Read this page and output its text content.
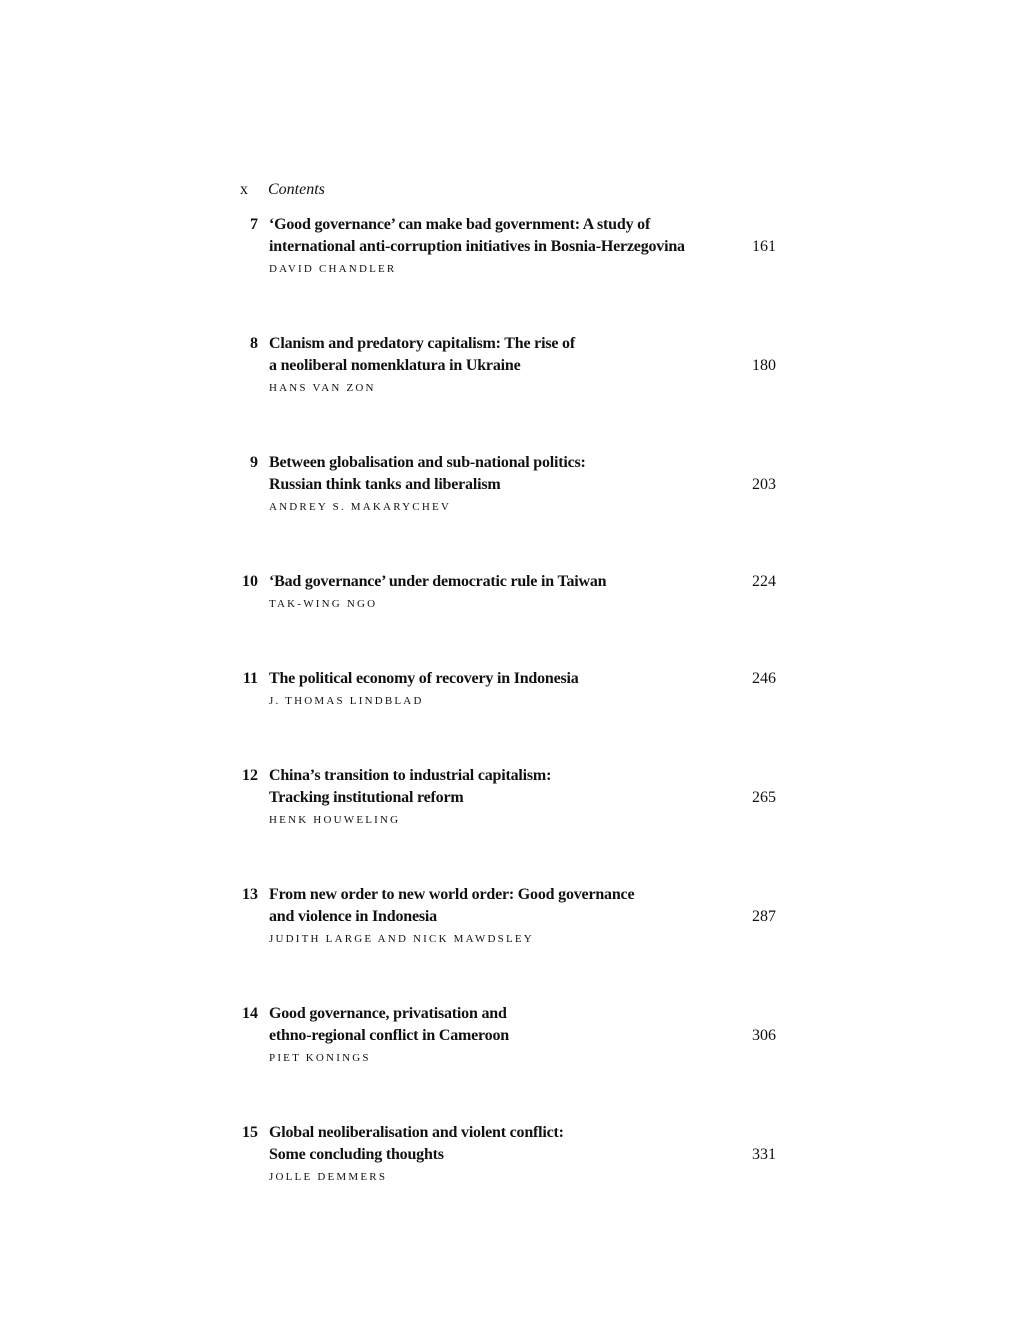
x Contents
7 ‘Good governance’ can make bad government: A study of
international anti-corruption initiatives in Bosnia-Herzegovina
DAVID CHANDLER
161
8 Clanism and predatory capitalism: The rise of
a neoliberal nomenklatura in Ukraine
HANS VAN ZON
180
9 Between globalisation and sub-national politics:
Russian think tanks and liberalism
ANDREY S. MAKARYCHEV
203
10 ‘Bad governance’ under democratic rule in Taiwan
TAK-WING NGO
224
11 The political economy of recovery in Indonesia
J. THOMAS LINDBLAD
246
12 China’s transition to industrial capitalism:
Tracking institutional reform
HENK HOUWELING
265
13 From new order to new world order: Good governance
and violence in Indonesia
JUDITH LARGE AND NICK MAWDSLEY
287
14 Good governance, privatisation and
ethno-regional conflict in Cameroon
PIET KONINGS
306
15 Global neoliberalisation and violent conflict:
Some concluding thoughts
JOLLE DEMMERS
331
